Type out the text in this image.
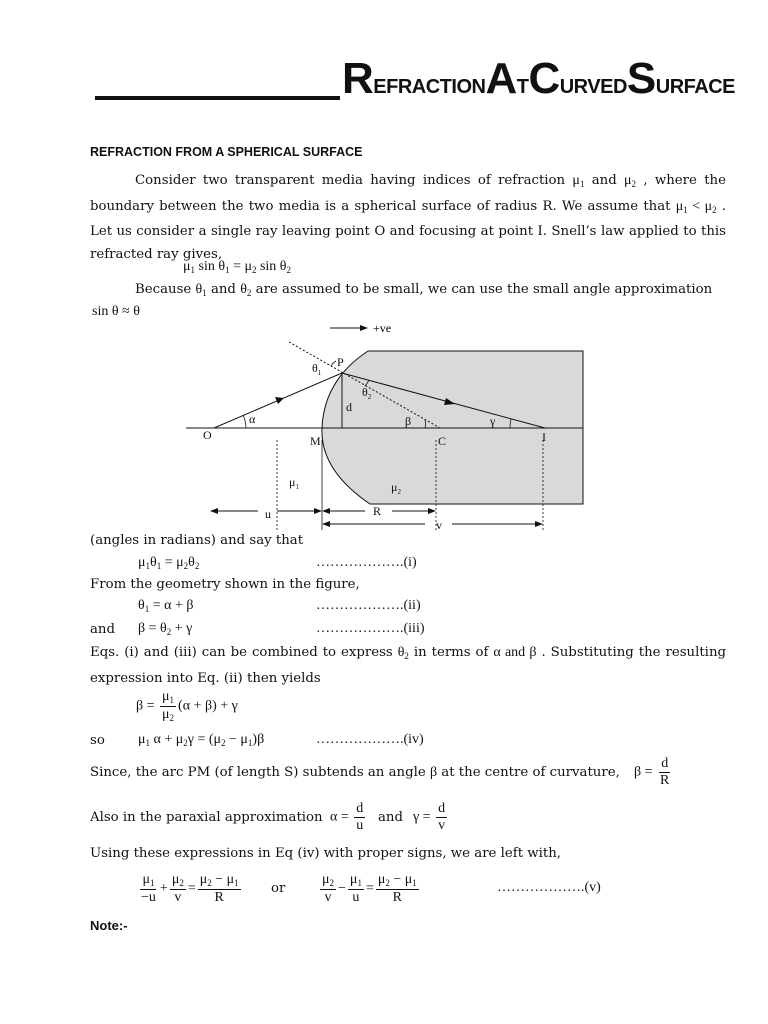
REFRACTIONATCURVEDSURFACE
REFRACTION FROM A SPHERICAL SURFACE
Consider two transparent media having indices of refraction $\mu_1$ and $\mu_2$ , where the boundary between the two media is a spherical surface of radius R. We assume that $\mu_1 < \mu_2$ . Let us consider a single ray leaving point O and focusing at point I. Snell’s law applied to this refracted ray gives,
$\mu_1$ $\sin \theta_1 = \mu_2$ $\sin \theta_2$
Because $\theta_1$ and $\theta_2$ are assumed to be small, we can use the small angle approximation
sin θ ≈ θ
+ve
P
O	M	C	I
d
α	β	γ
$\theta_1$
$\theta_2$
$\mu_1$	$\mu_2$
u	R
v
(angles in radians) and say that
$\mu_1\theta_1 = \mu_2\theta_2$	……………….(i)
From the geometry shown in the figure,
$\theta_1 = \alpha + \beta$	……………….(ii)
and $\beta = \theta_2 + \gamma$	……………….(iii)
Eqs. (i) and (iii) can be combined to express $\theta_2$ in terms of α and β . Substituting the resulting expression into Eq. (ii) then yields
$\beta = \frac{\mu_1}{\mu_2} (\alpha + \beta) + \gamma$
so $\mu_1$ $\alpha + \mu_2\gamma = (\mu_2 - \mu_1)\beta$	……………….(iv)
Since, the arc PM (of length S) subtends an angle β at the centre of curvature, $\beta = \frac{d}{R}$
Also in the paraxial approximation $\alpha = \frac{d}{u}$ and $\gamma = \frac{d}{v}$
Using these expressions in Eq (iv) with proper signs, we are left with,
$\frac{\mu_1}{-u} + \frac{\mu_2}{v} = \frac{\mu_2 - \mu_1}{R}$ or $\frac{\mu_2}{v} - \frac{\mu_1}{u} = \frac{\mu_2 - \mu_1}{R}$	……………….(v)
Note:-
